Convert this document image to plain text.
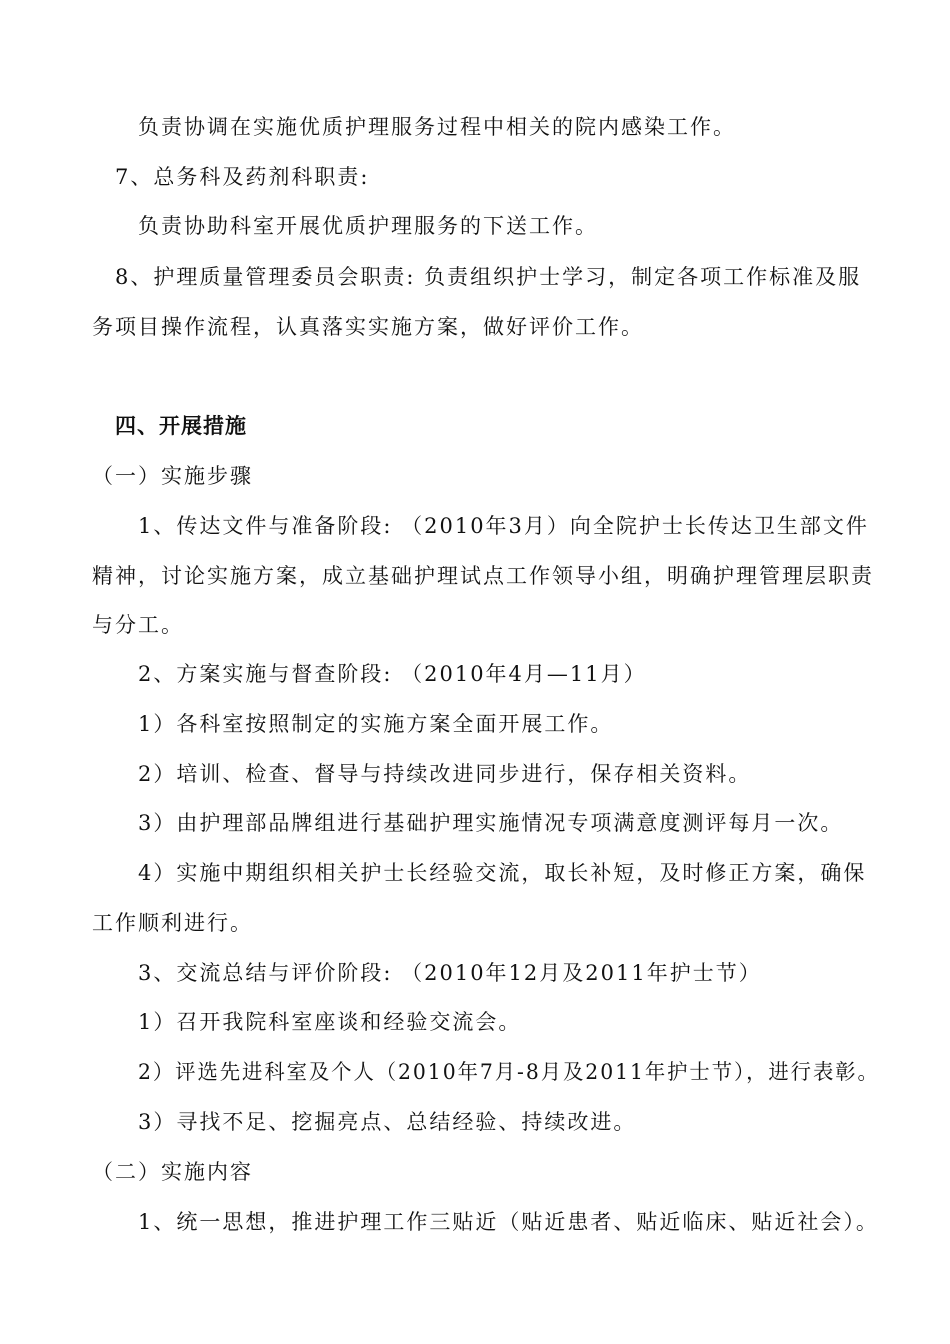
负责协调在实施优质护理服务过程中相关的院内感染工作。
7、总务科及药剂科职责:
负责协助科室开展优质护理服务的下送工作。
8、护理质量管理委员会职责: 负责组织护士学习，制定各项工作标准及服
务项目操作流程，认真落实实施方案，做好评价工作。
四、开展措施
（一）实施步骤
1、传达文件与准备阶段: （2010年3月）向全院护士长传达卫生部文件
精神，讨论实施方案，成立基础护理试点工作领导小组，明确护理管理层职责
与分工。
2、方案实施与督查阶段: （2010年4月—11月）
1）各科室按照制定的实施方案全面开展工作。
2）培训、检查、督导与持续改进同步进行，保存相关资料。
3）由护理部品牌组进行基础护理实施情况专项满意度测评每月一次。
4）实施中期组织相关护士长经验交流，取长补短，及时修正方案，确保
工作顺利进行。
3、交流总结与评价阶段: （2010年12月及2011年护士节）
1）召开我院科室座谈和经验交流会。
2）评选先进科室及个人（2010年7月-8月及2011年护士节），进行表彰。
3）寻找不足、挖掘亮点、总结经验、持续改进。
（二）实施内容
1、统一思想，推进护理工作三贴近（贴近患者、贴近临床、贴近社会）。
